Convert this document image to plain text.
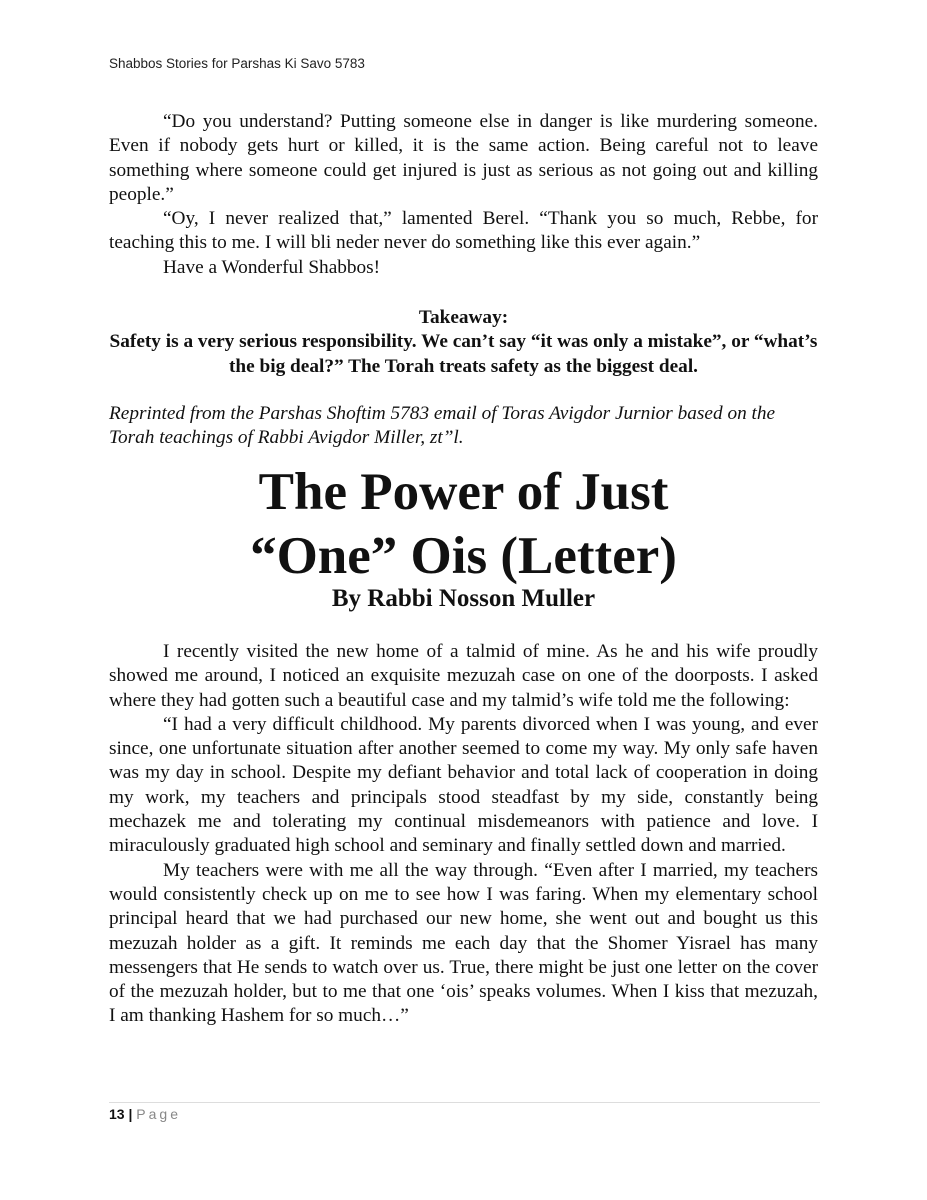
Shabbos Stories for Parshas Ki Savo 5783

“Do you understand? Putting someone else in danger is like murdering someone. Even if nobody gets hurt or killed, it is the same action. Being careful not to leave something where someone could get injured is just as serious as not going out and killing people.”

“Oy, I never realized that,” lamented Berel. “Thank you so much, Rebbe, for teaching this to me. I will bli neder never do something like this ever again.”

Have a Wonderful Shabbos!

Takeaway:
Safety is a very serious responsibility. We can’t say “it was only a mistake”, or “what’s the big deal?” The Torah treats safety as the biggest deal.
Reprinted from the Parshas Shoftim 5783 email of Toras Avigdor Jurnior based on the Torah teachings of Rabbi Avigdor Miller, zt”l.
The Power of Just
“One” Ois (Letter)
By Rabbi Nosson Muller

I recently visited the new home of a talmid of mine. As he and his wife proudly showed me around, I noticed an exquisite mezuzah case on one of the doorposts. I asked where they had gotten such a beautiful case and my talmid’s wife told me the following:

“I had a very difficult childhood. My parents divorced when I was young, and ever since, one unfortunate situation after another seemed to come my way. My only safe haven was my day in school. Despite my defiant behavior and total lack of cooperation in doing my work, my teachers and principals stood steadfast by my side, constantly being mechazek me and tolerating my continual misdemeanors with patience and love. I miraculously graduated high school and seminary and finally settled down and married.

My teachers were with me all the way through. “Even after I married, my teachers would consistently check up on me to see how I was faring. When my elementary school principal heard that we had purchased our new home, she went out and bought us this mezuzah holder as a gift. It reminds me each day that the Shomer Yisrael has many messengers that He sends to watch over us. True, there might be just one letter on the cover of the mezuzah holder, but to me that one ‘ois’ speaks volumes. When I kiss that mezuzah, I am thanking Hashem for so much…”

13 | Page
